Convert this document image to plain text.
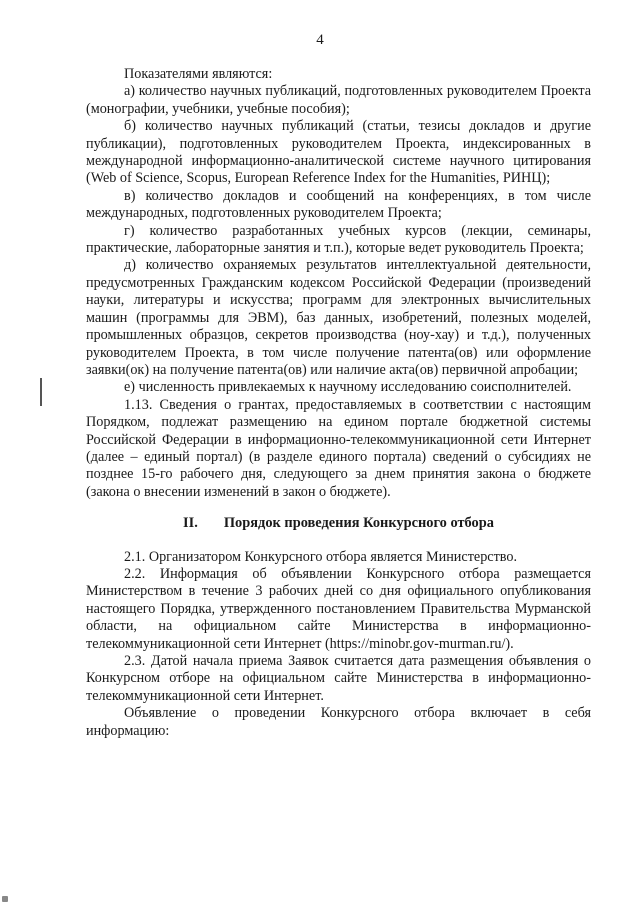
4

Показателями являются:

а) количество научных публикаций, подготовленных руководителем Проекта (монографии, учебники, учебные пособия);

б) количество научных публикаций (статьи, тезисы докладов и другие публикации), подготовленных руководителем Проекта, индексированных в международной информационно-аналитической системе научного цитирования (Web of Science, Scopus, European Reference Index for the Humanities, РИНЦ);

в) количество докладов и сообщений на конференциях, в том числе международных, подготовленных руководителем Проекта;

г) количество разработанных учебных курсов (лекции, семинары, практические, лабораторные занятия и т.п.), которые ведет руководитель Проекта;

д) количество охраняемых результатов интеллектуальной деятельности, предусмотренных Гражданским кодексом Российской Федерации (произведений науки, литературы и искусства; программ для электронных вычислительных машин (программы для ЭВМ), баз данных, изобретений, полезных моделей, промышленных образцов, секретов производства (ноу-хау) и т.д.), полученных руководителем Проекта, в том числе получение патента(ов) или оформление заявки(ок) на получение патента(ов) или наличие акта(ов) первичной апробации;

е) численность привлекаемых к научному исследованию соисполнителей.

1.13. Сведения о грантах, предоставляемых в соответствии с настоящим Порядком, подлежат размещению на едином портале бюджетной системы Российской Федерации в информационно-телекоммуникационной сети Интернет (далее – единый портал) (в разделе единого портала) сведений о субсидиях не позднее 15-го рабочего дня, следующего за днем принятия закона о бюджете (закона о внесении изменений в закон о бюджете).

II. Порядок проведения Конкурсного отбора

2.1. Организатором Конкурсного отбора является Министерство.

2.2. Информация об объявлении Конкурсного отбора размещается Министерством в течение 3 рабочих дней со дня официального опубликования настоящего Порядка, утвержденного постановлением Правительства Мурманской области, на официальном сайте Министерства в информационно-телекоммуникационной сети Интернет (https://minobr.gov-murman.ru/).

2.3. Датой начала приема Заявок считается дата размещения объявления о Конкурсном отборе на официальном сайте Министерства в информационно-телекоммуникационной сети Интернет.

Объявление о проведении Конкурсного отбора включает в себя информацию:
